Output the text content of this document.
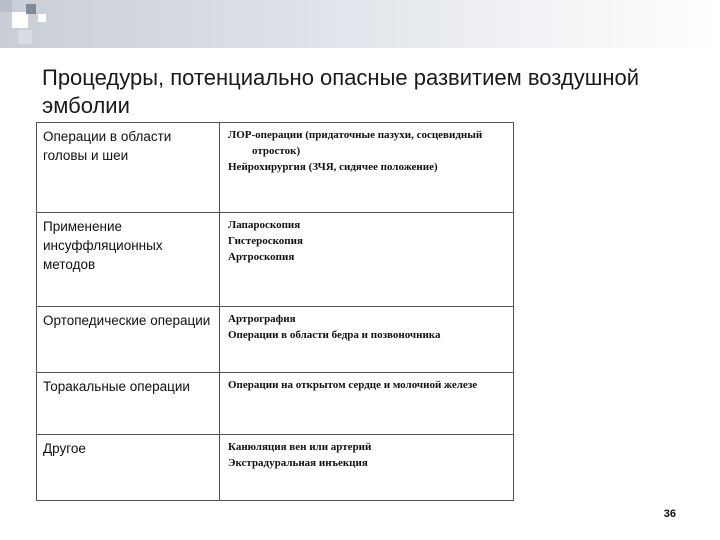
Процедуры, потенциально опасные развитием воздушной эмболии
Операции в области головы и шеи	ЛОР-операции (придаточные пазухи, сосцевидный отросток)
Нейрохирургия (ЗЧЯ, сидячее положение)

Применение инсуффляционных методов	Лапароскопия
Гистероскопия
Артроскопия

Ортопедические операции	Артрография
Операции в области бедра и позвоночника

Торакальные операции	Операции на открытом сердце и молочной железе

Другое	Канюляция вен или артерий
Экстрадуральная инъекция
36
